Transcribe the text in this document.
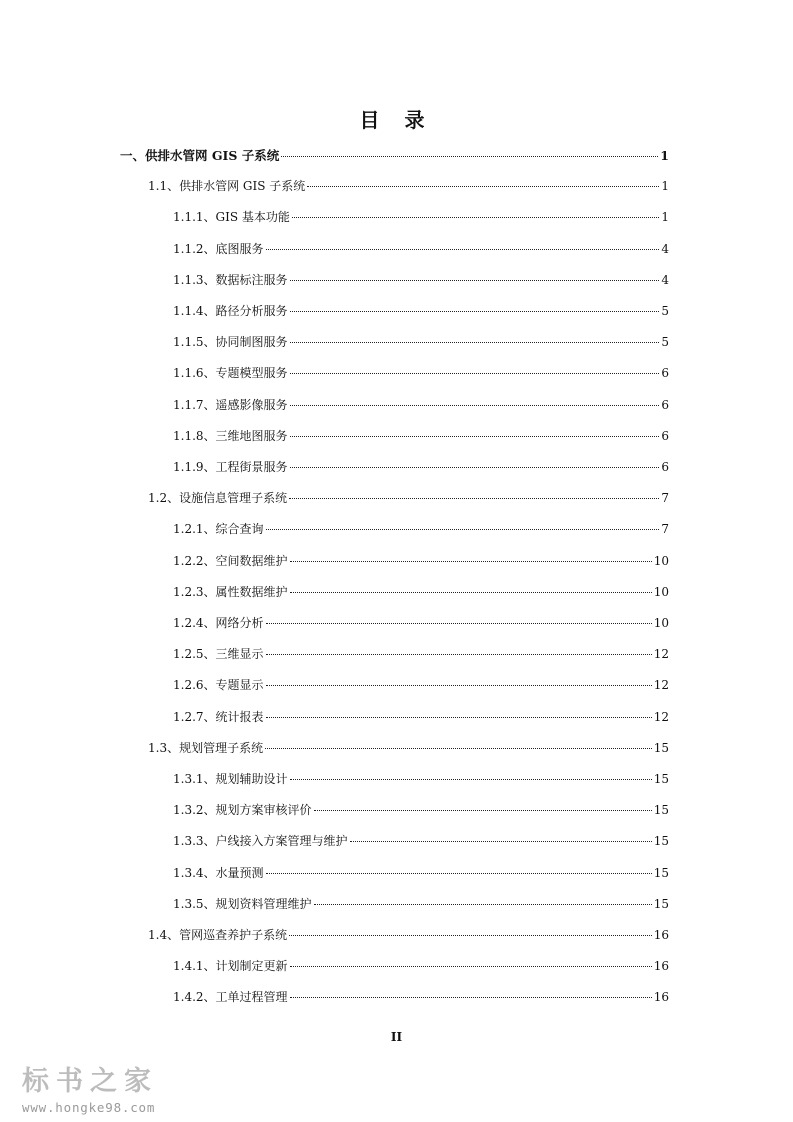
目 录
一、供排水管网 GIS 子系统	1
1.1、供排水管网 GIS 子系统	1
1.1.1、GIS 基本功能	1
1.1.2、底图服务	4
1.1.3、数据标注服务	4
1.1.4、路径分析服务	5
1.1.5、协同制图服务	5
1.1.6、专题模型服务	6
1.1.7、遥感影像服务	6
1.1.8、三维地图服务	6
1.1.9、工程街景服务	6
1.2、设施信息管理子系统	7
1.2.1、综合查询	7
1.2.2、空间数据维护	10
1.2.3、属性数据维护	10
1.2.4、网络分析	10
1.2.5、三维显示	12
1.2.6、专题显示	12
1.2.7、统计报表	12
1.3、规划管理子系统	15
1.3.1、规划辅助设计	15
1.3.2、规划方案审核评价	15
1.3.3、户线接入方案管理与维护	15
1.3.4、水量预测	15
1.3.5、规划资料管理维护	15
1.4、管网巡查养护子系统	16
1.4.1、计划制定更新	16
1.4.2、工单过程管理	16
II
标书之家
www.hongke98.com
